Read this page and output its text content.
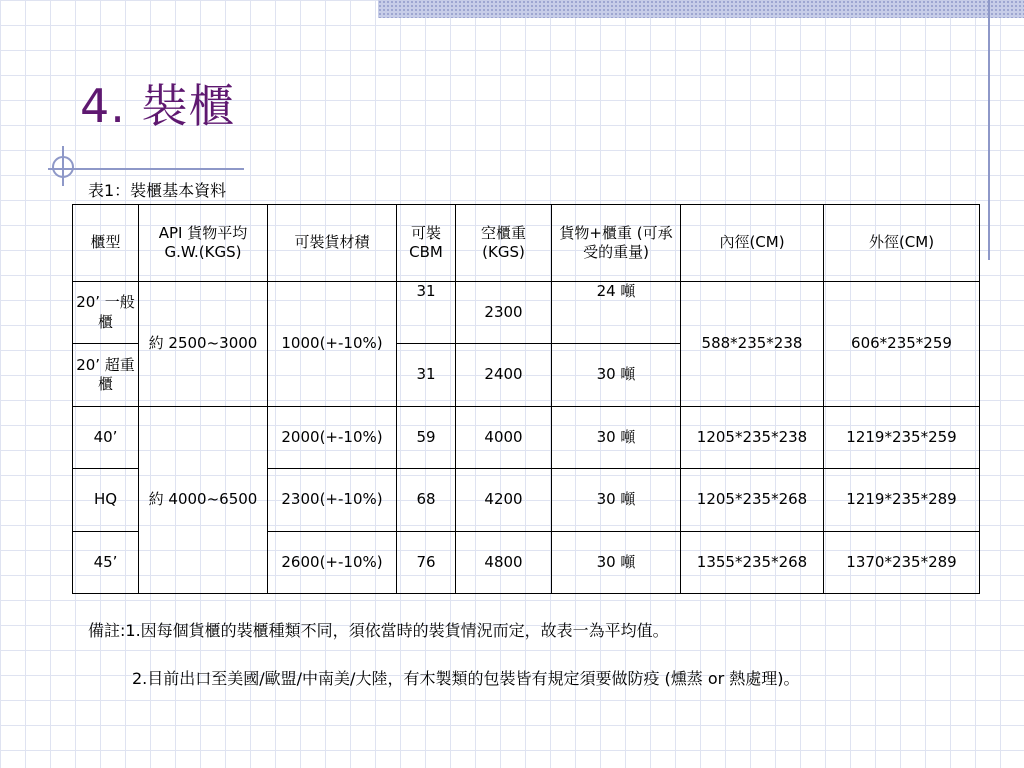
4. 裝櫃
表1：裝櫃基本資料
櫃型	API 貨物平均 G.W.(KGS)	可裝貨材積	可裝 CBM	空櫃重 (KGS)	貨物+櫃重 (可承受的重量)	內徑(CM)	外徑(CM)
20’ 一般櫃	約 2500~3000	1000(+-10%)	31	2300	24 噸	588*235*238	606*235*259
20’ 超重櫃			31	2400	30 噸		
40’	約 4000~6500	2000(+-10%)	59	4000	30 噸	1205*235*238	1219*235*259
HQ		2300(+-10%)	68	4200	30 噸	1205*235*268	1219*235*289
45’		2600(+-10%)	76	4800	30 噸	1355*235*268	1370*235*289
備註:1.因每個貨櫃的裝櫃種類不同，須依當時的裝貨情況而定，故表一為平均值。
2.目前出口至美國/歐盟/中南美/大陸，有木製類的包裝皆有規定須要做防疫 (燻蒸 or 熱處理)。
